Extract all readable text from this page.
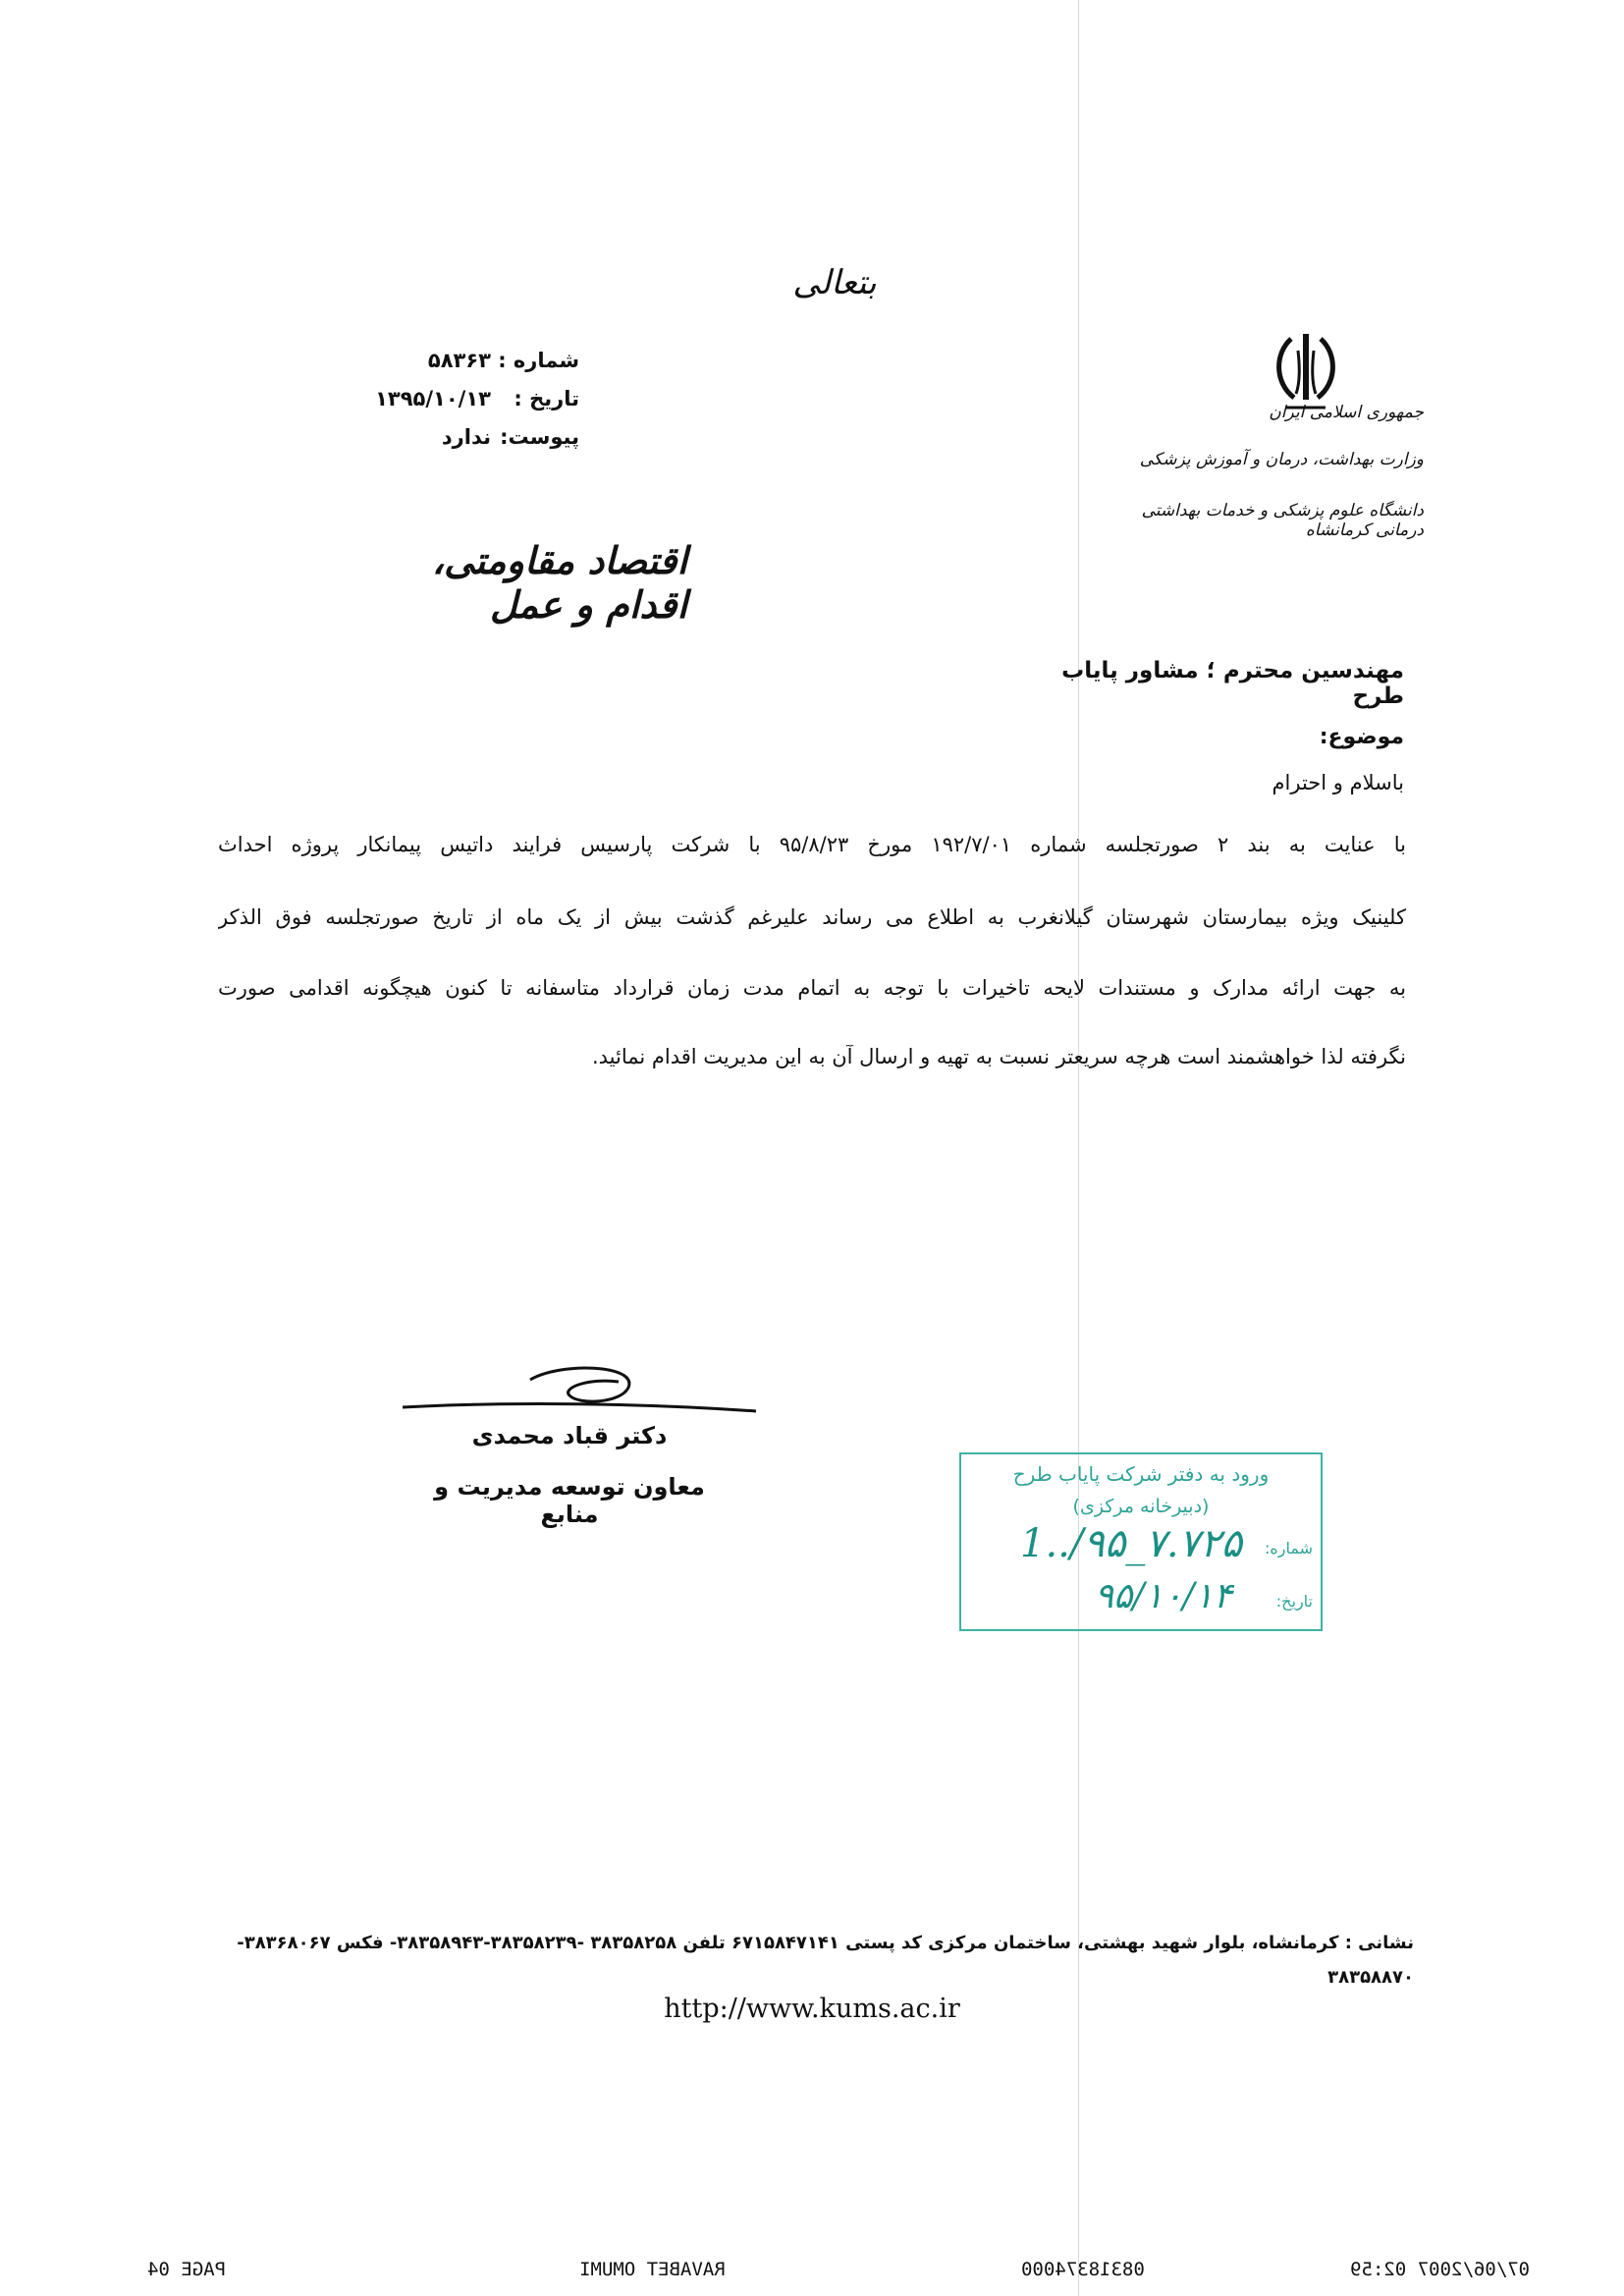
بتعالی
جمهوری اسلامی ایران
وزارت بهداشت، درمان و آموزش پزشکی
دانشگاه علوم پزشکی و خدمات بهداشتی درمانی کرمانشاه
شماره :
۵۸۳۶۳
تاریخ :
۱۳۹۵/۱۰/۱۳
پیوست:
ندارد
اقتصاد مقاومتی، اقدام و عمل
مهندسین محترم ؛ مشاور پایاب طرح
موضوع:
باسلام و احترام
با عنایت به بند ۲ صورتجلسه شماره ۱۹۲/۷/۰۱ مورخ ۹۵/۸/۲۳ با شرکت پارسیس فرایند داتیس پیمانکار پروژه احداث
کلینیک ویژه بیمارستان شهرستان گیلانغرب به اطلاع می رساند علیرغم گذشت بیش از یک ماه از تاریخ صورتجلسه فوق الذکر
به جهت ارائه مدارک و مستندات لایحه تاخیرات با توجه به اتمام مدت زمان قرارداد متاسفانه تا کنون هیچگونه اقدامی صورت
نگرفته لذا خواهشمند است هرچه سریعتر نسبت به تهیه و ارسال آن به این مدیریت اقدام نمائید.
دکتر قباد محمدی
معاون توسعه مدیریت و منابع
ورود به دفتر شرکت پایاب طرح
(دبیرخانه مرکزی)
شماره:
1../۹۵_۷.۷۲۵
تاریخ:
۹۵/۱۰/۱۴
نشانی : کرمانشاه، بلوار شهید بهشتی، ساختمان مرکزی کد پستی ۶۷۱۵۸۴۷۱۴۱ تلفن ۳۸۳۵۸۲۵۸ -۳۸۳۵۸۲۳۹-۳۸۳۵۸۹۴۳- فکس ۳۸۳۶۸۰۶۷-
۳۸۳۵۸۸۷۰
http://www.kums.ac.ir
07/06/2007 02:59
08318374000
RAVABET OMUMI
PAGE 04
